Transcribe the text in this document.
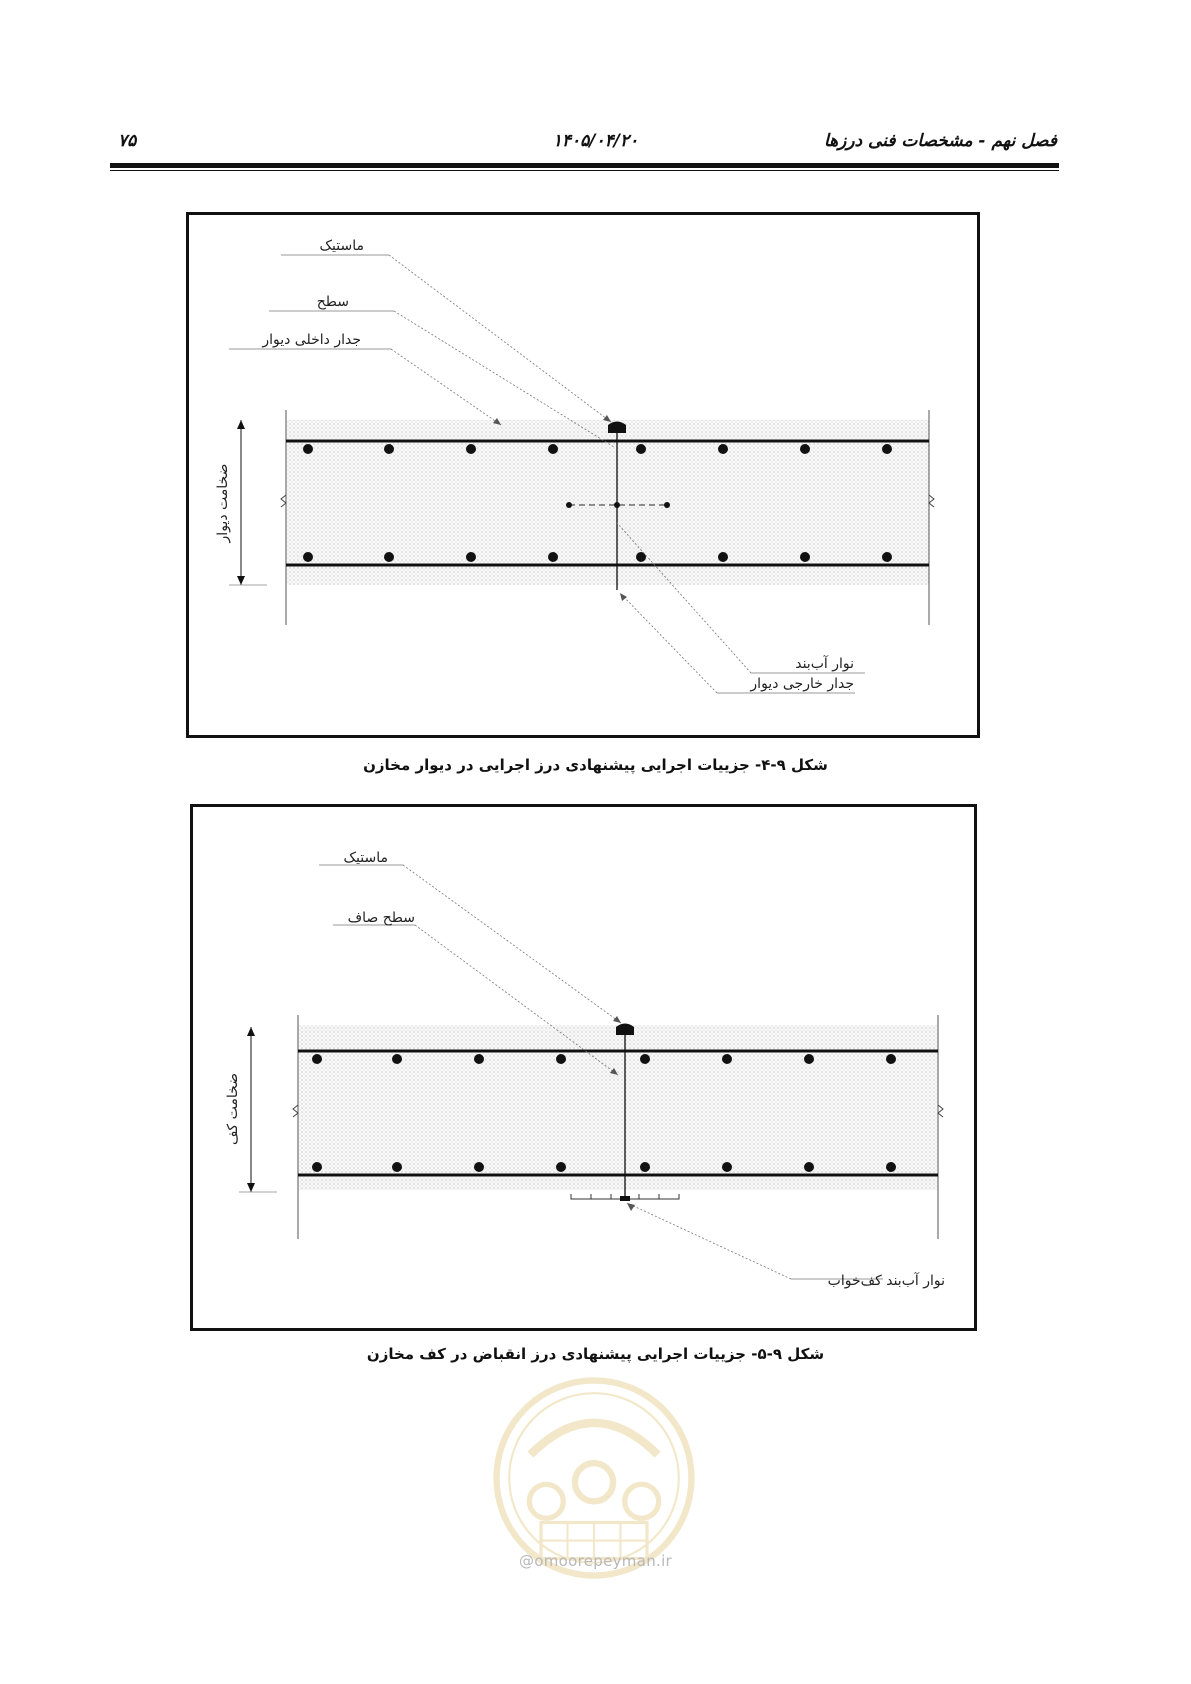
فصل نهم - مشخصات فنی درزها
۱۴۰۵/۰۴/۲۰
۷۵
ماستیک
سطح
جدار داخلی دیوار
نوار آب‌بند
جدار خارجی دیوار
ضخامت دیوار
شکل ۹-۴- جزییات اجرایی پیشنهادی درز اجرایی در دیوار مخازن
ماستیک
سطح صاف
نوار آب‌بند کف‌خواب
ضخامت کف
شکل ۹-۵- جزییات اجرایی پیشنهادی درز انقباض در کف مخازن
@omoorepeyman.ir
